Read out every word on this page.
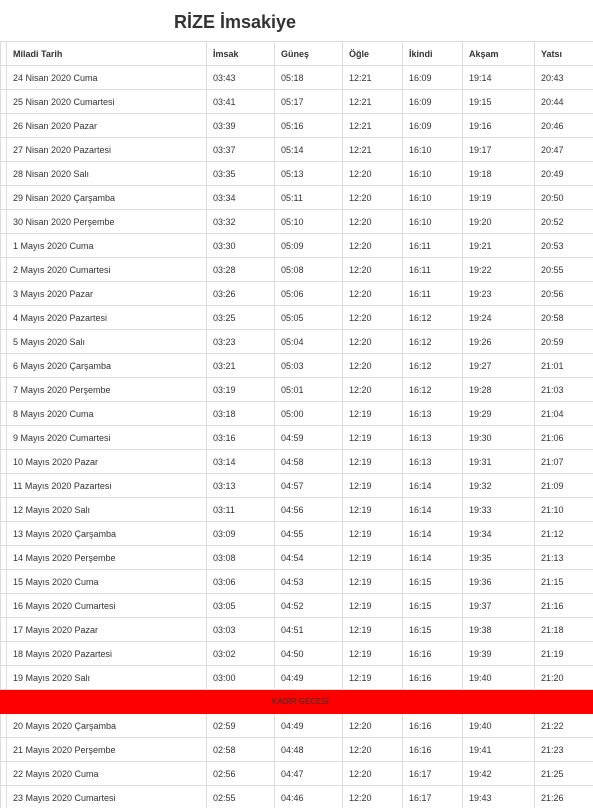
RİZE İmsakiye
	Miladi Tarih	İmsak	Güneş	Öğle	İkindi	Akşam	Yatsı
	24 Nisan 2020 Cuma	03:43	05:18	12:21	16:09	19:14	20:43
	25 Nisan 2020 Cumartesi	03:41	05:17	12:21	16:09	19:15	20:44
	26 Nisan 2020 Pazar	03:39	05:16	12:21	16:09	19:16	20:46
	27 Nisan 2020 Pazartesi	03:37	05:14	12:21	16:10	19:17	20:47
	28 Nisan 2020 Salı	03:35	05:13	12:20	16:10	19:18	20:49
	29 Nisan 2020 Çarşamba	03:34	05:11	12:20	16:10	19:19	20:50
	30 Nisan 2020 Perşembe	03:32	05:10	12:20	16:10	19:20	20:52
	1 Mayıs 2020 Cuma	03:30	05:09	12:20	16:11	19:21	20:53
	2 Mayıs 2020 Cumartesi	03:28	05:08	12:20	16:11	19:22	20:55
	3 Mayıs 2020 Pazar	03:26	05:06	12:20	16:11	19:23	20:56
	4 Mayıs 2020 Pazartesi	03:25	05:05	12:20	16:12	19:24	20:58
	5 Mayıs 2020 Salı	03:23	05:04	12:20	16:12	19:26	20:59
	6 Mayıs 2020 Çarşamba	03:21	05:03	12:20	16:12	19:27	21:01
	7 Mayıs 2020 Perşembe	03:19	05:01	12:20	16:12	19:28	21:03
	8 Mayıs 2020 Cuma	03:18	05:00	12:19	16:13	19:29	21:04
	9 Mayıs 2020 Cumartesi	03:16	04:59	12:19	16:13	19:30	21:06
	10 Mayıs 2020 Pazar	03:14	04:58	12:19	16:13	19:31	21:07
	11 Mayıs 2020 Pazartesi	03:13	04:57	12:19	16:14	19:32	21:09
	12 Mayıs 2020 Salı	03:11	04:56	12:19	16:14	19:33	21:10
	13 Mayıs 2020 Çarşamba	03:09	04:55	12:19	16:14	19:34	21:12
	14 Mayıs 2020 Perşembe	03:08	04:54	12:19	16:14	19:35	21:13
	15 Mayıs 2020 Cuma	03:06	04:53	12:19	16:15	19:36	21:15
	16 Mayıs 2020 Cumartesi	03:05	04:52	12:19	16:15	19:37	21:16
	17 Mayıs 2020 Pazar	03:03	04:51	12:19	16:15	19:38	21:18
	18 Mayıs 2020 Pazartesi	03:02	04:50	12:19	16:16	19:39	21:19
	19 Mayıs 2020 Salı	03:00	04:49	12:19	16:16	19:40	21:20
KADİR GECESİ							
	20 Mayıs 2020 Çarşamba	02:59	04:49	12:20	16:16	19:40	21:22
	21 Mayıs 2020 Perşembe	02:58	04:48	12:20	16:16	19:41	21:23
	22 Mayıs 2020 Cuma	02:56	04:47	12:20	16:17	19:42	21:25
	23 Mayıs 2020 Cumartesi	02:55	04:46	12:20	16:17	19:43	21:26
